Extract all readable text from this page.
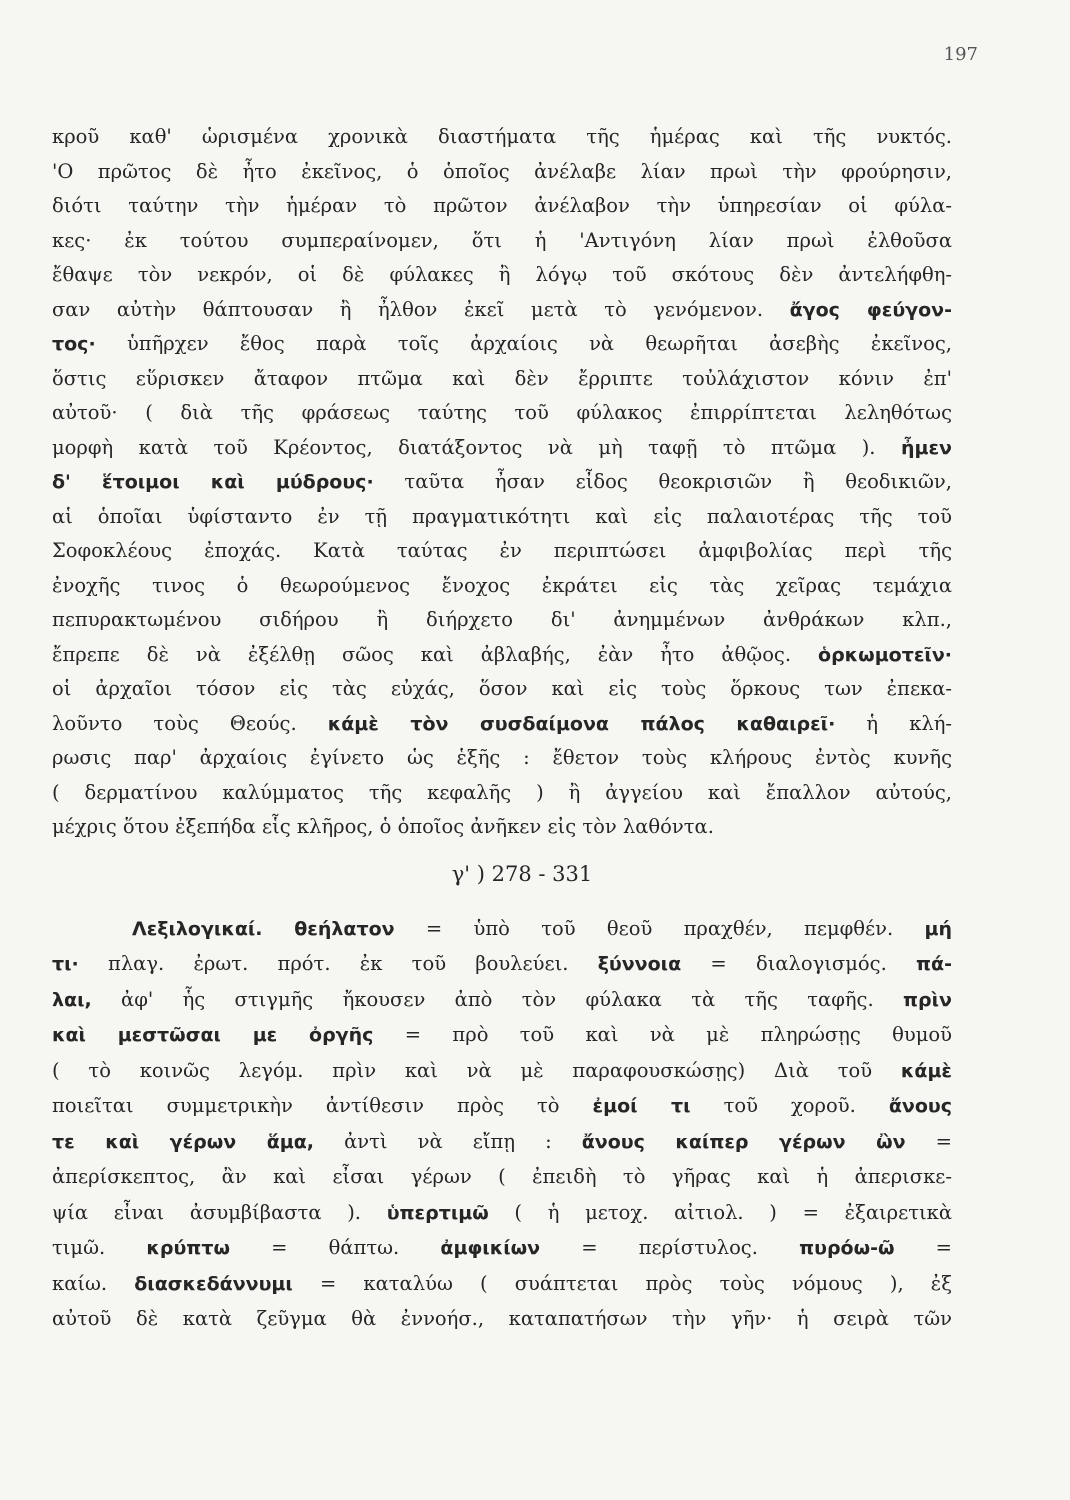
197
κροῦ καθ' ὡρισμένα χρονικὰ διαστήματα τῆς ἡμέρας καὶ τῆς νυκτός.
'Ο πρῶτος δὲ ἦτο ἐκεῖνος, ὁ ὁποῖος ἀνέλαβε λίαν πρωὶ τὴν φρούρησιν,
διότι ταύτην τὴν ἡμέραν τὸ πρῶτον ἀνέλαβον τὴν ὑπηρεσίαν οἱ φύλα-
κες· ἐκ τούτου συμπεραίνομεν, ὅτι ἡ 'Αντιγόνη λίαν πρωὶ ἐλθοῦσα
ἔθαψε τὸν νεκρόν, οἱ δὲ φύλακες ἢ λόγῳ τοῦ σκότους δὲν ἀντελήφθη-
σαν αὐτὴν θάπτουσαν ἢ ἦλθον ἐκεῖ μετὰ τὸ γενόμενον. ἄγος φεύγον-
τος· ὑπῆρχεν ἔθος παρὰ τοῖς ἀρχαίοις νὰ θεωρῆται ἀσεβὴς ἐκεῖνος,
ὅστις εὕρισκεν ἄταφον πτῶμα καὶ δὲν ἔρριπτε τοὐλάχιστον κόνιν ἐπ'
αὐτοῦ· ( διὰ τῆς φράσεως ταύτης τοῦ φύλακος ἐπιρρίπτεται λεληθότως
μορφὴ κατὰ τοῦ Κρέοντος, διατάξοντος νὰ μὴ ταφῇ τὸ πτῶμα ). ἦμεν
δ' ἕτοιμοι καὶ μύδρους· ταῦτα ἦσαν εἶδος θεοκρισιῶν ἢ θεοδικιῶν,
αἱ ὁποῖαι ὑφίσταντο ἐν τῇ πραγματικότητι καὶ εἰς παλαιοτέρας τῆς τοῦ
Σοφοκλέους ἐποχάς. Κατὰ ταύτας ἐν περιπτώσει ἀμφιβολίας περὶ τῆς
ἐνοχῆς τινος ὁ θεωρούμενος ἔνοχος ἐκράτει εἰς τὰς χεῖρας τεμάχια
πεπυρακτωμένου σιδήρου ἢ διήρχετο δι' ἀνημμένων ἀνθράκων κλπ.,
ἔπρεπε δὲ νὰ ἐξέλθῃ σῶος καὶ ἀβλαβής, ἐὰν ἦτο ἀθῷος. ὁρκωμοτεῖν·
οἱ ἀρχαῖοι τόσον εἰς τὰς εὐχάς, ὅσον καὶ εἰς τοὺς ὅρκους των ἐπεκα-
λοῦντο τοὺς Θεούς. κάμὲ τὸν συσδαίμονα πάλος καθαιρεῖ· ἡ κλή-
ρωσις παρ' ἀρχαίοις ἐγίνετο ὡς ἑξῆς : ἔθετον τοὺς κλήρους ἐντὸς κυνῆς
( δερματίνου καλύμματος τῆς κεφαλῆς ) ἢ ἀγγείου καὶ ἔπαλλον αὐτούς,
μέχρις ὅτου ἐξεπήδα εἷς κλῆρος, ὁ ὁποῖος ἀνῆκεν εἰς τὸν λαθόντα.
γ' ) 278 - 331
Λεξιλογικαί. θεήλατον = ὑπὸ τοῦ θεοῦ πραχθέν, πεμφθέν. μή
τι· πλαγ. ἐρωτ. πρότ. ἐκ τοῦ βουλεύει. ξύννοια = διαλογισμός. πά-
λαι, ἀφ' ἧς στιγμῆς ἤκουσεν ἀπὸ τὸν φύλακα τὰ τῆς ταφῆς. πρὶν
καὶ μεστῶσαι με ὀργῆς = πρὸ τοῦ καὶ νὰ μὲ πληρώσῃς θυμοῦ
( τὸ κοινῶς λεγόμ. πρὶν καὶ νὰ μὲ παραφουσκώσῃς) Διὰ τοῦ κάμὲ
ποιεῖται συμμετρικὴν ἀντίθεσιν πρὸς τὸ ἐμοί τι τοῦ χοροῦ. ἄνους
τε καὶ γέρων ἅμα, ἀντὶ νὰ εἴπῃ : ἄνους καίπερ γέρων ὢν =
ἀπερίσκεπτος, ἂν καὶ εἶσαι γέρων ( ἐπειδὴ τὸ γῆρας καὶ ἡ ἀπερισκε-
ψία εἶναι ἀσυμβίβαστα ). ὑπερτιμῶ ( ἡ μετοχ. αἰτιολ. ) = ἐξαιρετικὰ
τιμῶ. κρύπτω = θάπτω. ἀμφικίων = περίστυλος. πυρόω-ῶ =
καίω. διασκεδάννυμι = καταλύω ( συάπτεται πρὸς τοὺς νόμους ), ἐξ
αὐτοῦ δὲ κατὰ ζεῦγμα θὰ ἐννοήσ., καταπατήσων τὴν γῆν· ἡ σειρὰ τῶν
